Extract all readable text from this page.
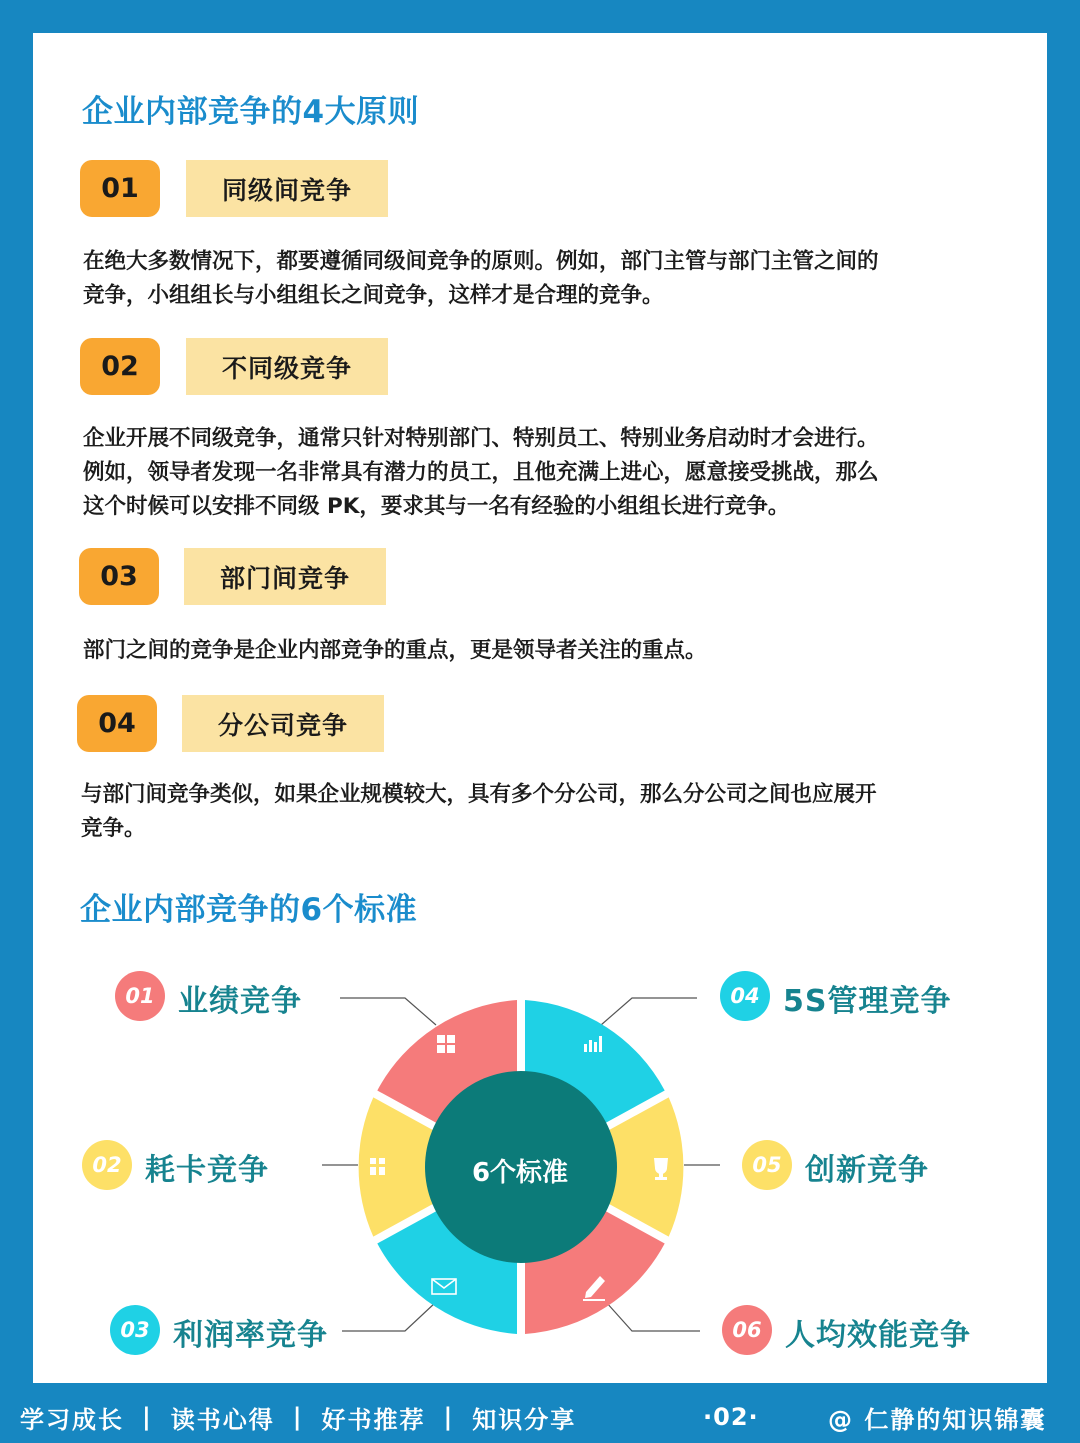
企业内部竞争的4大原则
01	同级间竞争

在绝大多数情况下，都要遵循同级间竞争的原则。例如，部门主管与部门主管之间的
竞争，小组组长与小组组长之间竞争，这样才是合理的竞争。

02	不同级竞争

企业开展不同级竞争，通常只针对特别部门、特别员工、特别业务启动时才会进行。
例如，领导者发现一名非常具有潜力的员工，且他充满上进心，愿意接受挑战，那么
这个时候可以安排不同级 PK，要求其与一名有经验的小组组长进行竞争。

03	部门间竞争

部门之间的竞争是企业内部竞争的重点，更是领导者关注的重点。

04	分公司竞争

与部门间竞争类似，如果企业规模较大，具有多个分公司，那么分公司之间也应展开
竞争。

企业内部竞争的6个标准
6个标准
01 业绩竞争
02 耗卡竞争
03 利润率竞争
04 5S管理竞争
05 创新竞争
06 人均效能竞争
学习成长 | 读书心得 | 好书推荐 | 知识分享	·02·	@ 仁静的知识锦囊
